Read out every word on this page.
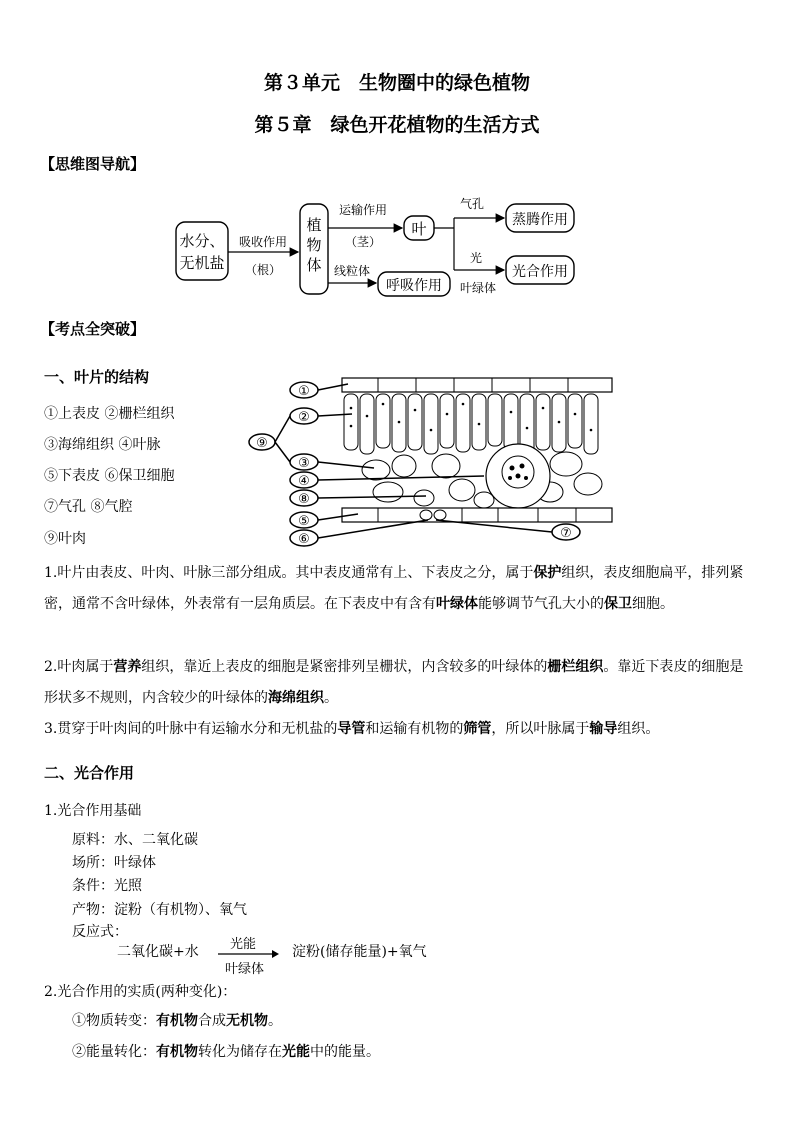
第３单元　生物圈中的绿色植物
第５章　绿色开花植物的生活方式
【思维图导航】
水分、
无机盐
吸收作用
（根）
植
物
体
运输作用
（茎）
叶
线粒体
呼吸作用
气孔
光
叶绿体
蒸腾作用
光合作用
【考点全突破】
一、叶片的结构
①上表皮 ②栅栏组织
③海绵组织 ④叶脉
⑤下表皮 ⑥保卫细胞
⑦气孔 ⑧气腔
⑨叶肉
①
②
③
④
⑤
⑥	⑦
⑧
⑨
1.叶片由表皮、叶肉、叶脉三部分组成。其中表皮通常有上、下表皮之分，属于保护组织，表皮细胞扁平，排列紧密，通常不含叶绿体，外表常有一层角质层。在下表皮中有含有叶绿体能够调节气孔大小的保卫细胞。
2.叶肉属于营养组织，靠近上表皮的细胞是紧密排列呈栅状，内含较多的叶绿体的栅栏组织。靠近下表皮的细胞是形状多不规则，内含较少的叶绿体的海绵组织。
3.贯穿于叶肉间的叶脉中有运输水分和无机盐的导管和运输有机物的筛管，所以叶脉属于输导组织。
二、光合作用
1.光合作用基础
原料：水、二氧化碳
场所：叶绿体
条件：光照
产物：淀粉（有机物）、氧气
反应式：
二氧化碳+水 光能
叶绿体
淀粉(储存能量)+氧气
2.光合作用的实质(两种变化)：
①物质转变：有机物合成无机物。
②能量转化：有机物转化为储存在光能中的能量。
